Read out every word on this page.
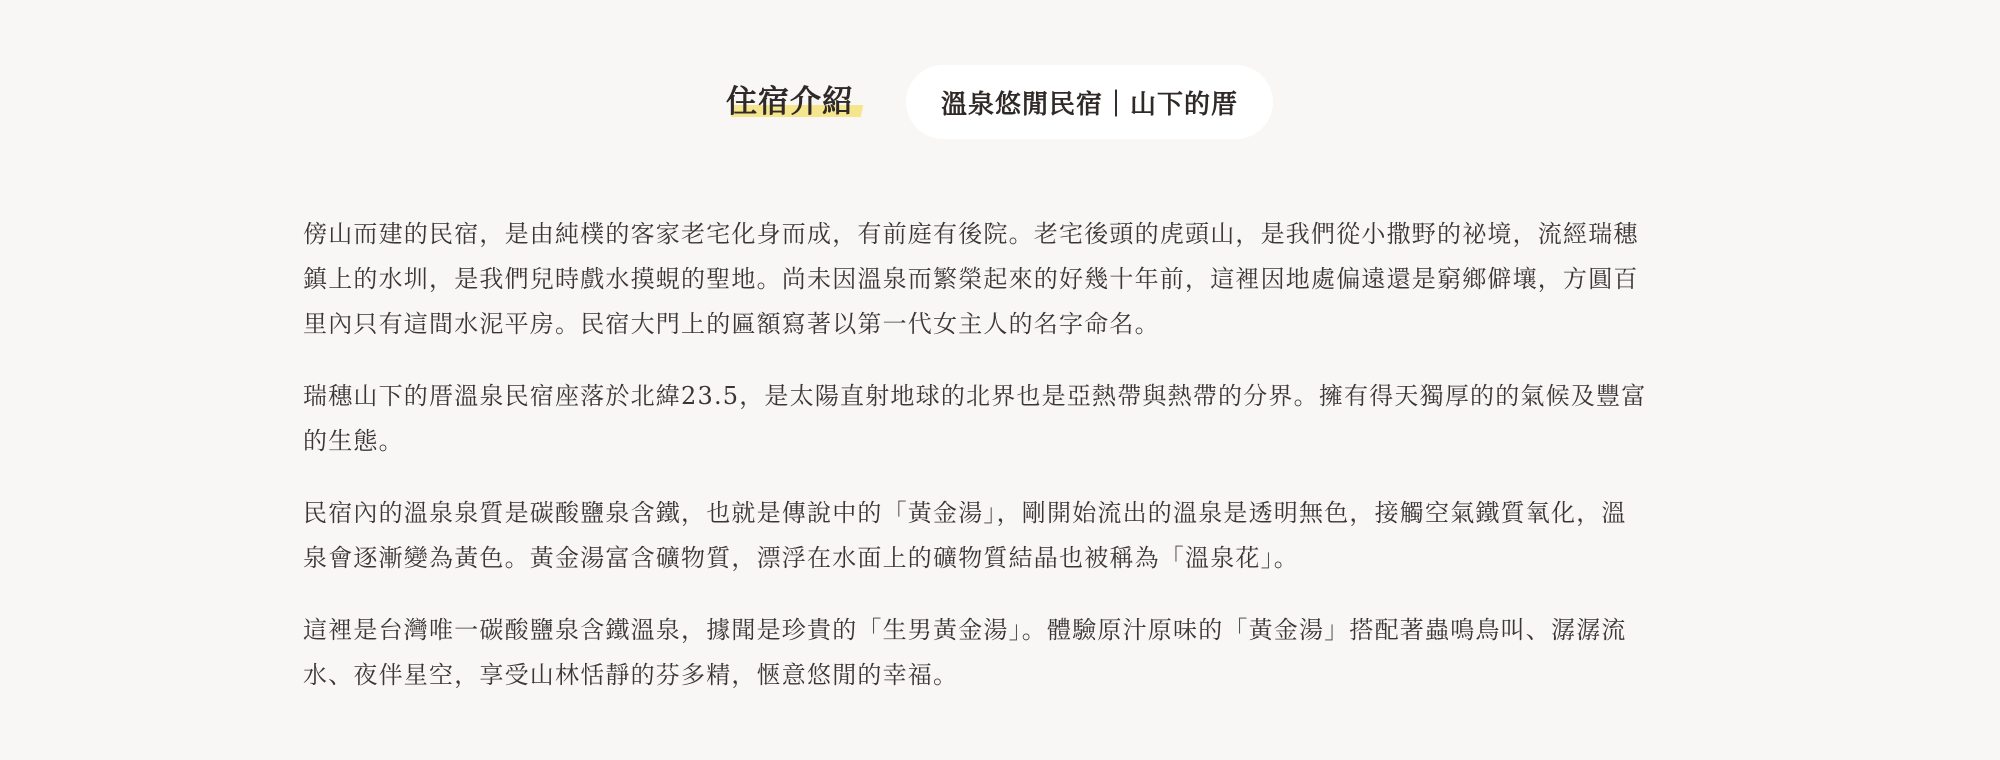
住宿介紹	溫泉悠閒民宿｜山下的厝

傍山而建的民宿，是由純樸的客家老宅化身而成，有前庭有後院。老宅後頭的虎頭山，是我們從小撒野的祕境，流經瑞穗鎮上的水圳，是我們兒時戲水摸蜆的聖地。尚未因溫泉而繁榮起來的好幾十年前，這裡因地處偏遠還是窮鄉僻壤，方圓百里內只有這間水泥平房。民宿大門上的匾額寫著以第一代女主人的名字命名。

瑞穗山下的厝溫泉民宿座落於北緯23.5，是太陽直射地球的北界也是亞熱帶與熱帶的分界。擁有得天獨厚的的氣候及豐富的生態。

民宿內的溫泉泉質是碳酸鹽泉含鐵，也就是傳說中的「黃金湯」，剛開始流出的溫泉是透明無色，接觸空氣鐵質氧化，溫泉會逐漸變為黃色。黃金湯富含礦物質，漂浮在水面上的礦物質結晶也被稱為「溫泉花」。

這裡是台灣唯一碳酸鹽泉含鐵溫泉，據聞是珍貴的「生男黃金湯」。體驗原汁原味的「黃金湯」搭配著蟲鳴鳥叫、潺潺流水、夜伴星空，享受山林恬靜的芬多精，愜意悠閒的幸福。
